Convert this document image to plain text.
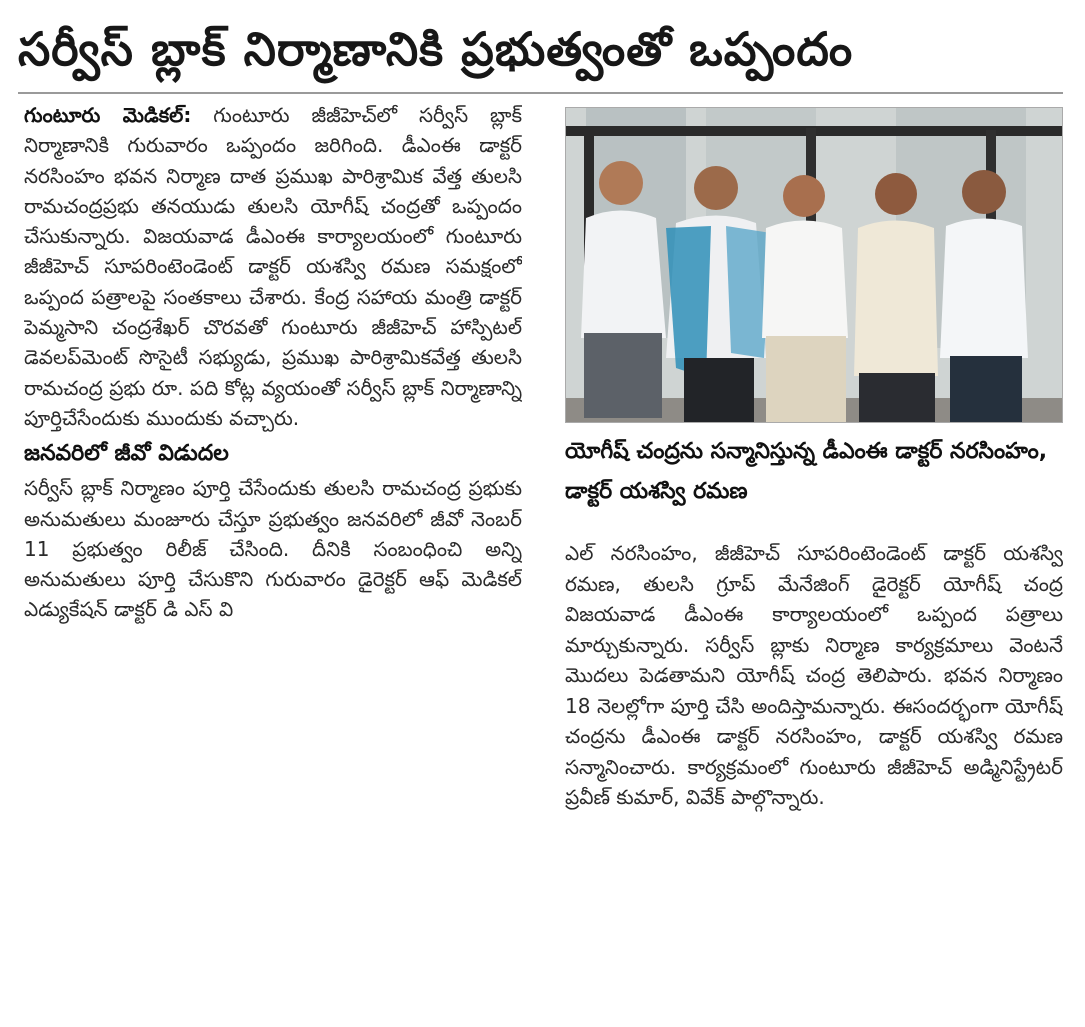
సర్వీస్ బ్లాక్ నిర్మాణానికి ప్రభుత్వంతో ఒప్పందం

గుంటూరు మెడికల్: గుంటూరు జీజీహెచ్‌లో సర్వీస్ బ్లాక్ నిర్మాణానికి గురువారం ఒప్పందం జరిగింది. డీఎంఈ డాక్టర్ నరసింహం భవన నిర్మాణ దాత ప్రముఖ పారిశ్రామిక వేత్త తులసి రామచంద్రప్రభు తనయుడు తులసి యోగీష్ చంద్రతో ఒప్పందం చేసుకున్నారు. విజయవాడ డీఎంఈ కార్యాలయంలో గుంటూరు జీజీహెచ్ సూపరింటెండెంట్ డాక్టర్ యశస్వి రమణ సమక్షంలో ఒప్పంద పత్రాలపై సంతకాలు చేశారు. కేంద్ర సహాయ మంత్రి డాక్టర్ పెమ్మసాని చంద్రశేఖర్ చొరవతో గుంటూరు జీజీహెచ్ హాస్పిటల్ డెవలప్‌మెంట్ సొసైటీ సభ్యుడు, ప్రముఖ పారిశ్రామికవేత్త తులసి రామచంద్ర ప్రభు రూ. పది కోట్ల వ్యయంతో సర్వీస్ బ్లాక్ నిర్మాణాన్ని పూర్తిచేసేందుకు ముందుకు వచ్చారు.

జనవరిలో జీవో విడుదల

సర్వీస్ బ్లాక్ నిర్మాణం పూర్తి చేసేందుకు తులసి రామచంద్ర ప్రభుకు అనుమతులు మంజూరు చేస్తూ ప్రభుత్వం జనవరిలో జీవో నెంబర్ 11 ప్రభుత్వం రిలీజ్ చేసింది. దీనికి సంబంధించి అన్ని అనుమతులు పూర్తి చేసుకొని గురువారం డైరెక్టర్ ఆఫ్ మెడికల్ ఎడ్యుకేషన్ డాక్టర్ డి ఎస్ వి

యోగీష్ చంద్రను సన్మానిస్తున్న డీఎంఈ డాక్టర్ నరసింహం, డాక్టర్ యశస్వి రమణ

ఎల్ నరసింహం, జీజీహెచ్ సూపరింటెండెంట్ డాక్టర్ యశస్వి రమణ, తులసి గ్రూప్ మేనేజింగ్ డైరెక్టర్ యోగీష్ చంద్ర విజయవాడ డీఎంఈ కార్యాలయంలో ఒప్పంద పత్రాలు మార్చుకున్నారు. సర్వీస్ బ్లాకు నిర్మాణ కార్యక్రమాలు వెంటనే మొదలు పెడతామని యోగీష్ చంద్ర తెలిపారు. భవన నిర్మాణం 18 నెలల్లోగా పూర్తి చేసి అందిస్తామన్నారు. ఈసందర్భంగా యోగీష్ చంద్రను డీఎంఈ డాక్టర్ నరసింహం, డాక్టర్ యశస్వి రమణ సన్మానించారు. కార్యక్రమంలో గుంటూరు జీజీహెచ్ అడ్మినిస్ట్రేటర్ ప్రవీణ్ కుమార్, వివేక్ పాల్గొన్నారు.
